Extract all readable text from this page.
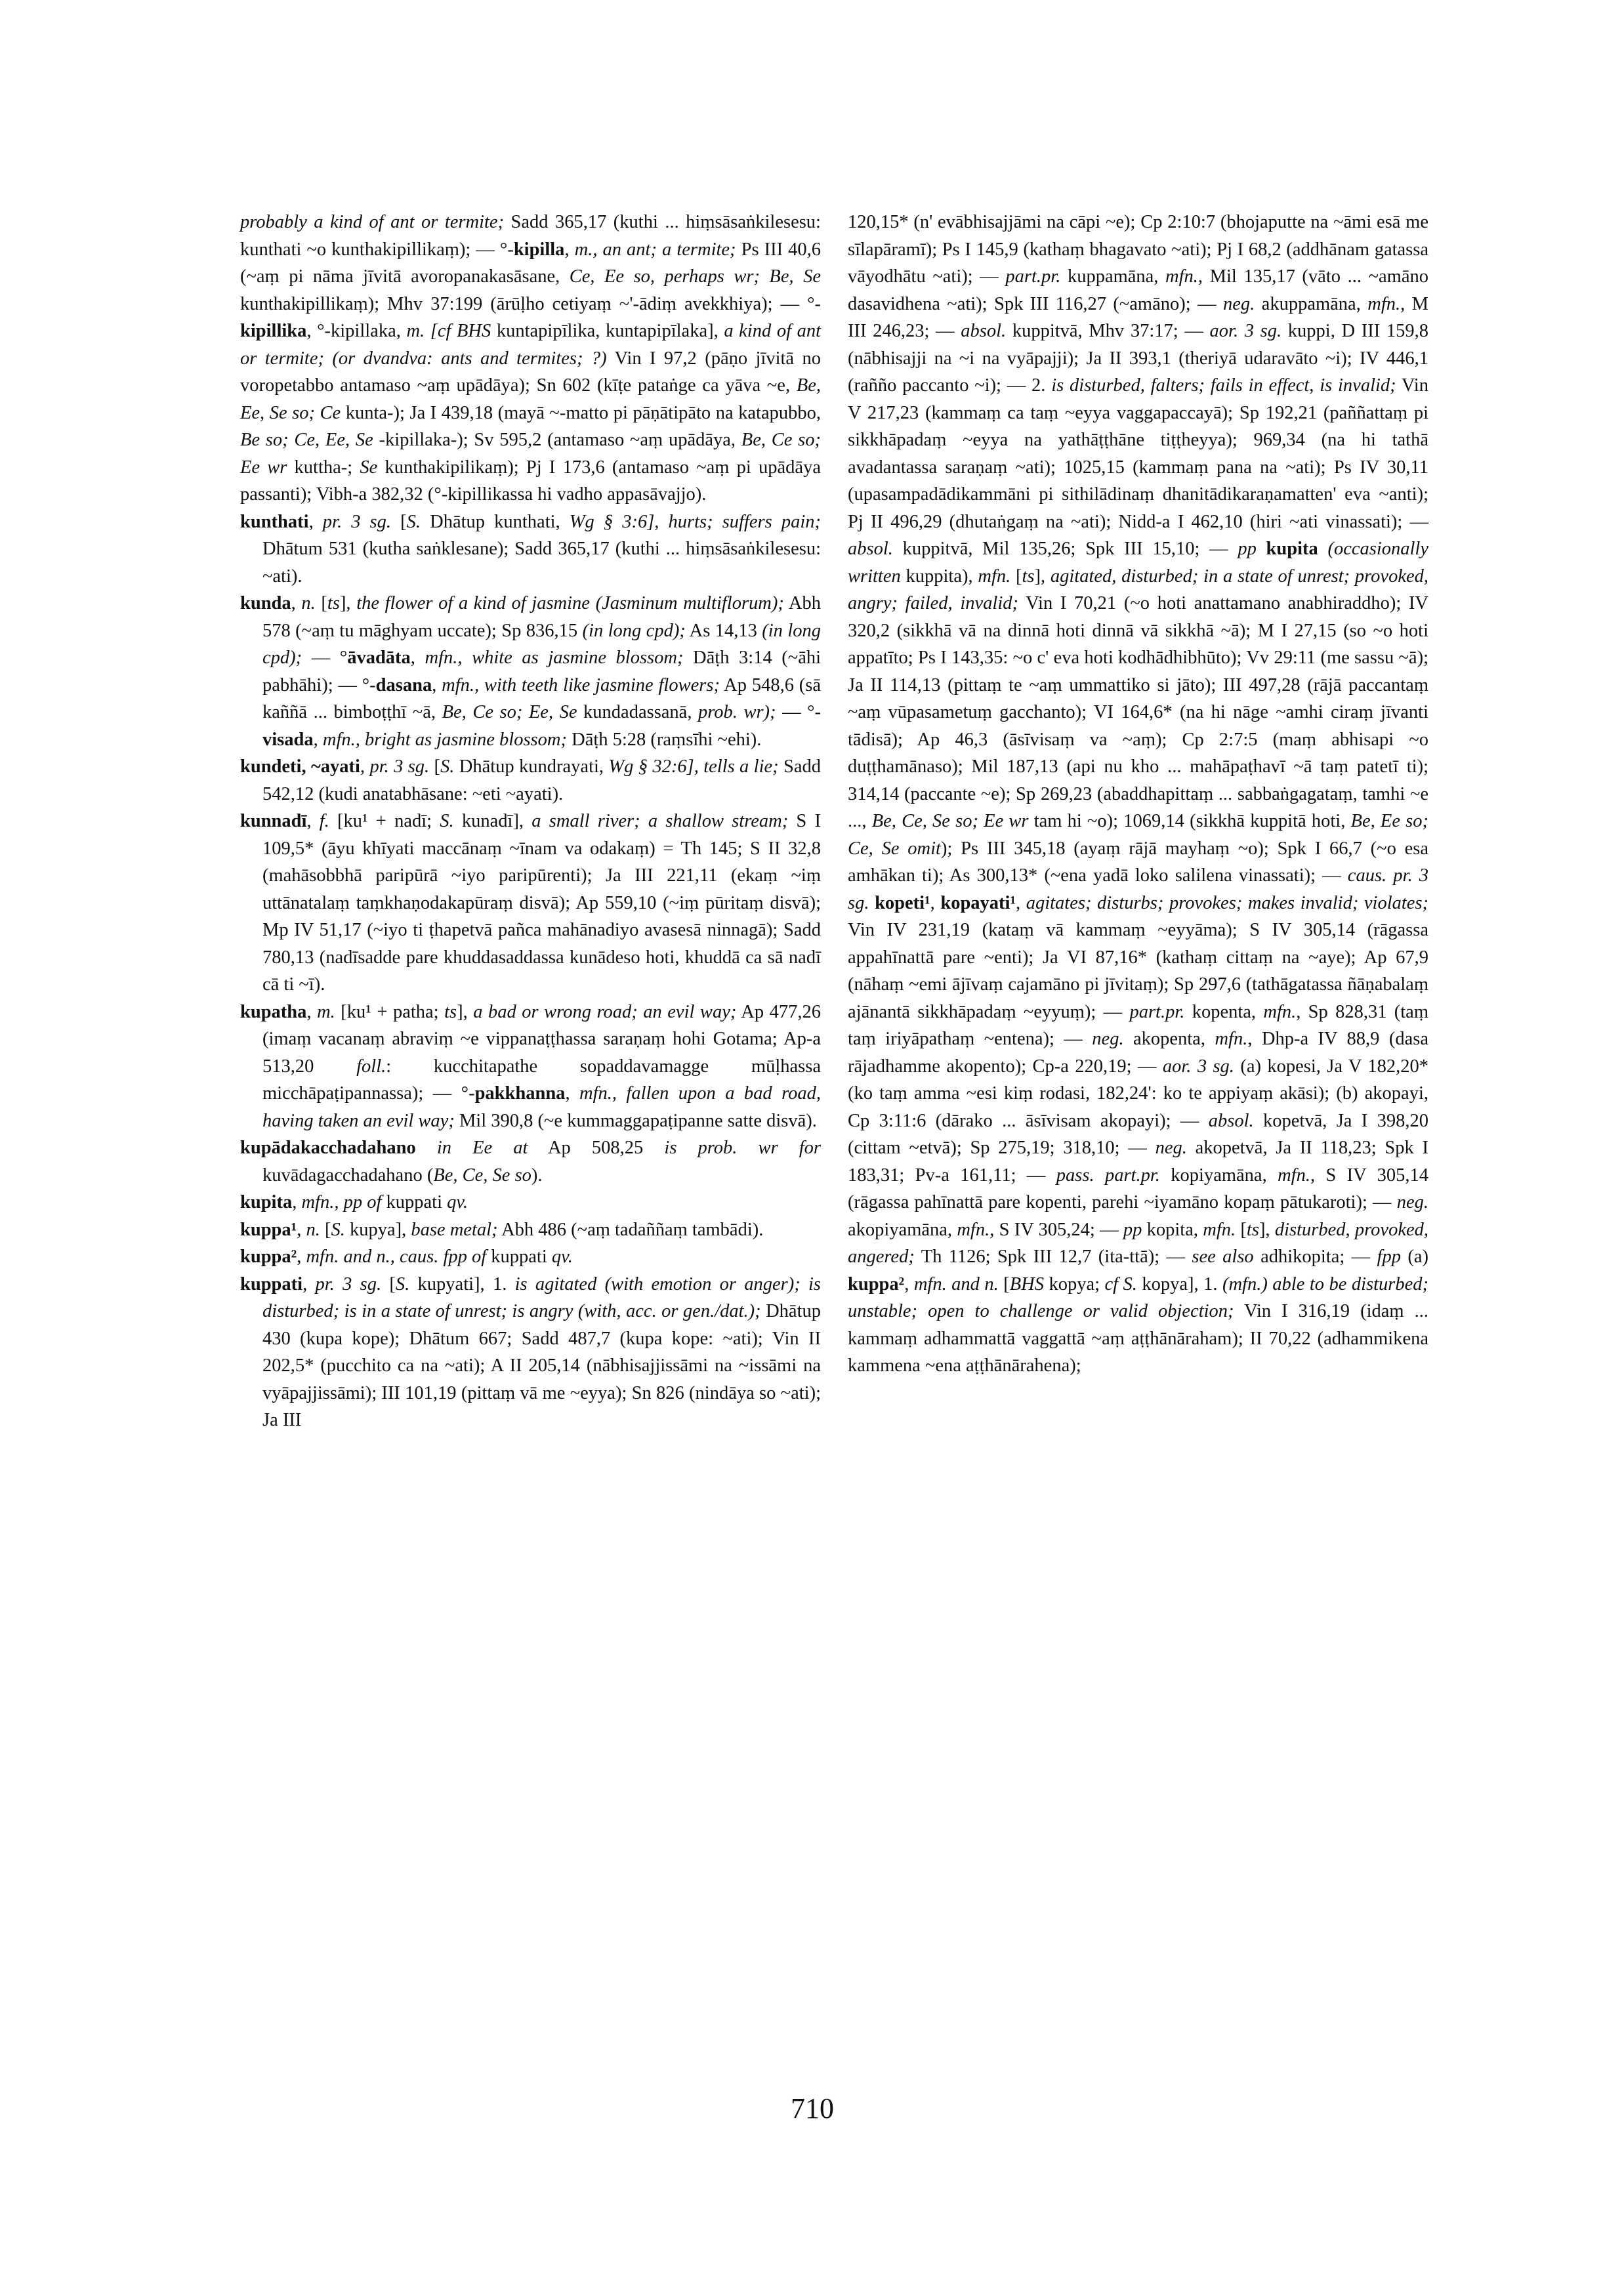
probably a kind of ant or termite; Sadd 365,17 (kuthi ... hiṃsāsaṅkilesesu: kunthati ~o kunthakipillikaṃ); — °-kipilla, m., an ant; a termite; Ps III 40,6 (~aṃ pi nāma jīvitā avoropanakasāsane, Ce, Ee so, perhaps wr; Be, Se kunthakipillikaṃ); Mhv 37:199 (ārūḷho cetiyaṃ ~'-ādiṃ avekkhiya); — °-kipillika, °-kipillaka, m. [cf BHS kuntapipīlika, kuntapipīlaka], a kind of ant or termite; (or dvandva: ants and termites; ?) Vin I 97,2 (pāṇo jīvitā no voropetabbo antamaso ~aṃ upādāya); Sn 602 (kīṭe pataṅge ca yāva ~e, Be, Ee, Se so; Ce kunta-); Ja I 439,18 (mayā ~-matto pi pāṇātipāto na katapubbo, Be so; Ce, Ee, Se -kipillaka-); Sv 595,2 (antamaso ~aṃ upādāya, Be, Ce so; Ee wr kuttha-; Se kunthakipilikaṃ); Pj I 173,6 (antamaso ~aṃ pi upādāya passanti); Vibh-a 382,32 (°-kipillikassa hi vadho appasāvajjo).

kunthati, pr. 3 sg. [S. Dhātup kunthati, Wg § 3:6], hurts; suffers pain; Dhātum 531 (kutha saṅklesane); Sadd 365,17 (kuthi ... hiṃsāsaṅkilesesu: ~ati).

kunda, n. [ts], the flower of a kind of jasmine (Jasminum multiflorum); Abh 578 (~aṃ tu māghyam uccate); Sp 836,15 (in long cpd); As 14,13 (in long cpd); — °āvadāta, mfn., white as jasmine blossom; Dāṭh 3:14 (~āhi pabhāhi); — °-dasana, mfn., with teeth like jasmine flowers; Ap 548,6 (sā kaññā ... bimboṭṭhī ~ā, Be, Ce so; Ee, Se kundadassanā, prob. wr); — °-visada, mfn., bright as jasmine blossom; Dāṭh 5:28 (raṃsīhi ~ehi).

kundeti, ~ayati, pr. 3 sg. [S. Dhātup kundrayati, Wg § 32:6], tells a lie; Sadd 542,12 (kudi anatabhāsane: ~eti ~ayati).

kunnadī, f. [ku¹ + nadī; S. kunadī], a small river; a shallow stream; S I 109,5* (āyu khīyati maccānaṃ ~īnam va odakaṃ) = Th 145; S II 32,8 (mahāsobbhā paripūrā ~iyo paripūrenti); Ja III 221,11 (ekaṃ ~iṃ uttānatalaṃ taṃkhaṇodakapūraṃ disvā); Ap 559,10 (~iṃ pūritaṃ disvā); Mp IV 51,17 (~iyo ti ṭhapetvā pañca mahānadiyo avasesā ninnagā); Sadd 780,13 (nadīsadde pare khuddasaddassa kunādeso hoti, khuddā ca sā nadī cā ti ~ī).

kupatha, m. [ku¹ + patha; ts], a bad or wrong road; an evil way; Ap 477,26 (imaṃ vacanaṃ abraviṃ ~e vippanaṭṭhassa saraṇaṃ hohi Gotama; Ap-a 513,20 foll.: kucchitapathe sopaddavamagge mūḷhassa micchāpaṭipannassa); — °-pakkhanna, mfn., fallen upon a bad road, having taken an evil way; Mil 390,8 (~e kummaggapaṭipanne satte disvā).

kupādakacchadahano in Ee at Ap 508,25 is prob. wr for kuvādagacchadahano (Be, Ce, Se so).

kupita, mfn., pp of kuppati qv.

kuppa¹, n. [S. kupya], base metal; Abh 486 (~aṃ tadaññaṃ tambādi).

kuppa², mfn. and n., caus. fpp of kuppati qv.

kuppati, pr. 3 sg. [S. kupyati], 1. is agitated (with emotion or anger); is disturbed; is in a state of unrest; is angry (with, acc. or gen./dat.); Dhātup 430 (kupa kope); Dhātum 667; Sadd 487,7 (kupa kope: ~ati); Vin II 202,5* (pucchito ca na ~ati); A II 205,14 (nābhisajjissāmi na ~issāmi na vyāpajjissāmi); III 101,19 (pittaṃ vā me ~eyya); Sn 826 (nindāya so ~ati); Ja III

120,15* (n' evābhisajjāmi na cāpi ~e); Cp 2:10:7 (bhojaputte na ~āmi esā me sīlapāramī); Ps I 145,9 (kathaṃ bhagavato ~ati); Pj I 68,2 (addhānam gatassa vāyodhātu ~ati); — part.pr. kuppamāna, mfn., Mil 135,17 (vāto ... ~amāno dasavidhena ~ati); Spk III 116,27 (~amāno); — neg. akuppamāna, mfn., M III 246,23; — absol. kuppitvā, Mhv 37:17; — aor. 3 sg. kuppi, D III 159,8 (nābhisajji na ~i na vyāpajji); Ja II 393,1 (theriyā udaravāto ~i); IV 446,1 (rañño paccanto ~i); — 2. is disturbed, falters; fails in effect, is invalid; Vin V 217,23 (kammaṃ ca taṃ ~eyya vaggapaccayā); Sp 192,21 (paññattaṃ pi sikkhāpadaṃ ~eyya na yathāṭṭhāne tiṭṭheyya); 969,34 (na hi tathā avadantassa saraṇaṃ ~ati); 1025,15 (kammaṃ pana na ~ati); Ps IV 30,11 (upasampadādikammāni pi sithilādinaṃ dhanitādikaraṇamatten' eva ~anti); Pj II 496,29 (dhutaṅgaṃ na ~ati); Nidd-a I 462,10 (hiri ~ati vinassati); — absol. kuppitvā, Mil 135,26; Spk III 15,10; — pp kupita (occasionally written kuppita), mfn. [ts], agitated, disturbed; in a state of unrest; provoked, angry; failed, invalid; Vin I 70,21 (~o hoti anattamano anabhiraddho); IV 320,2 (sikkhā vā na dinnā hoti dinnā vā sikkhā ~ā); M I 27,15 (so ~o hoti appatīto; Ps I 143,35: ~o c' eva hoti kodhādhibhūto); Vv 29:11 (me sassu ~ā); Ja II 114,13 (pittaṃ te ~aṃ ummattiko si jāto); III 497,28 (rājā paccantaṃ ~aṃ vūpasametuṃ gacchanto); VI 164,6* (na hi nāge ~amhi ciraṃ jīvanti tādisā); Ap 46,3 (āsīvisaṃ va ~aṃ); Cp 2:7:5 (maṃ abhisapi ~o duṭṭhamānaso); Mil 187,13 (api nu kho ... mahāpaṭhavī ~ā taṃ patetī ti); 314,14 (paccante ~e); Sp 269,23 (abaddhapittaṃ ... sabbaṅgagataṃ, tamhi ~e ..., Be, Ce, Se so; Ee wr tam hi ~o); 1069,14 (sikkhā kuppitā hoti, Be, Ee so; Ce, Se omit); Ps III 345,18 (ayaṃ rājā mayhaṃ ~o); Spk I 66,7 (~o esa amhākan ti); As 300,13* (~ena yadā loko salilena vinassati); — caus. pr. 3 sg. kopeti¹, kopayati¹, agitates; disturbs; provokes; makes invalid; violates; Vin IV 231,19 (kataṃ vā kammaṃ ~eyyāma); S IV 305,14 (rāgassa appahīnattā pare ~enti); Ja VI 87,16* (kathaṃ cittaṃ na ~aye); Ap 67,9 (nāhaṃ ~emi ājīvaṃ cajamāno pi jīvitaṃ); Sp 297,6 (tathāgatassa ñāṇabalaṃ ajānantā sikkhāpadaṃ ~eyyuṃ); — part.pr. kopenta, mfn., Sp 828,31 (taṃ taṃ iriyāpathaṃ ~entena); — neg. akopenta, mfn., Dhp-a IV 88,9 (dasa rājadhamme akopento); Cp-a 220,19; — aor. 3 sg. (a) kopesi, Ja V 182,20* (ko taṃ amma ~esi kiṃ rodasi, 182,24': ko te appiyaṃ akāsi); (b) akopayi, Cp 3:11:6 (dārako ... āsīvisam akopayi); — absol. kopetvā, Ja I 398,20 (cittam ~etvā); Sp 275,19; 318,10; — neg. akopetvā, Ja II 118,23; Spk I 183,31; Pv-a 161,11; — pass. part.pr. kopiyamāna, mfn., S IV 305,14 (rāgassa pahīnattā pare kopenti, parehi ~iyamāno kopaṃ pātukaroti); — neg. akopiyamāna, mfn., S IV 305,24; — pp kopita, mfn. [ts], disturbed, provoked, angered; Th 1126; Spk III 12,7 (ita-ttā); — see also adhikopita; — fpp (a) kuppa², mfn. and n. [BHS kopya; cf S. kopya], 1. (mfn.) able to be disturbed; unstable; open to challenge or valid objection; Vin I 316,19 (idaṃ ... kammaṃ adhammattā vaggattā ~aṃ aṭṭhānāraham); II 70,22 (adhammikena kammena ~ena aṭṭhānārahena);

710
